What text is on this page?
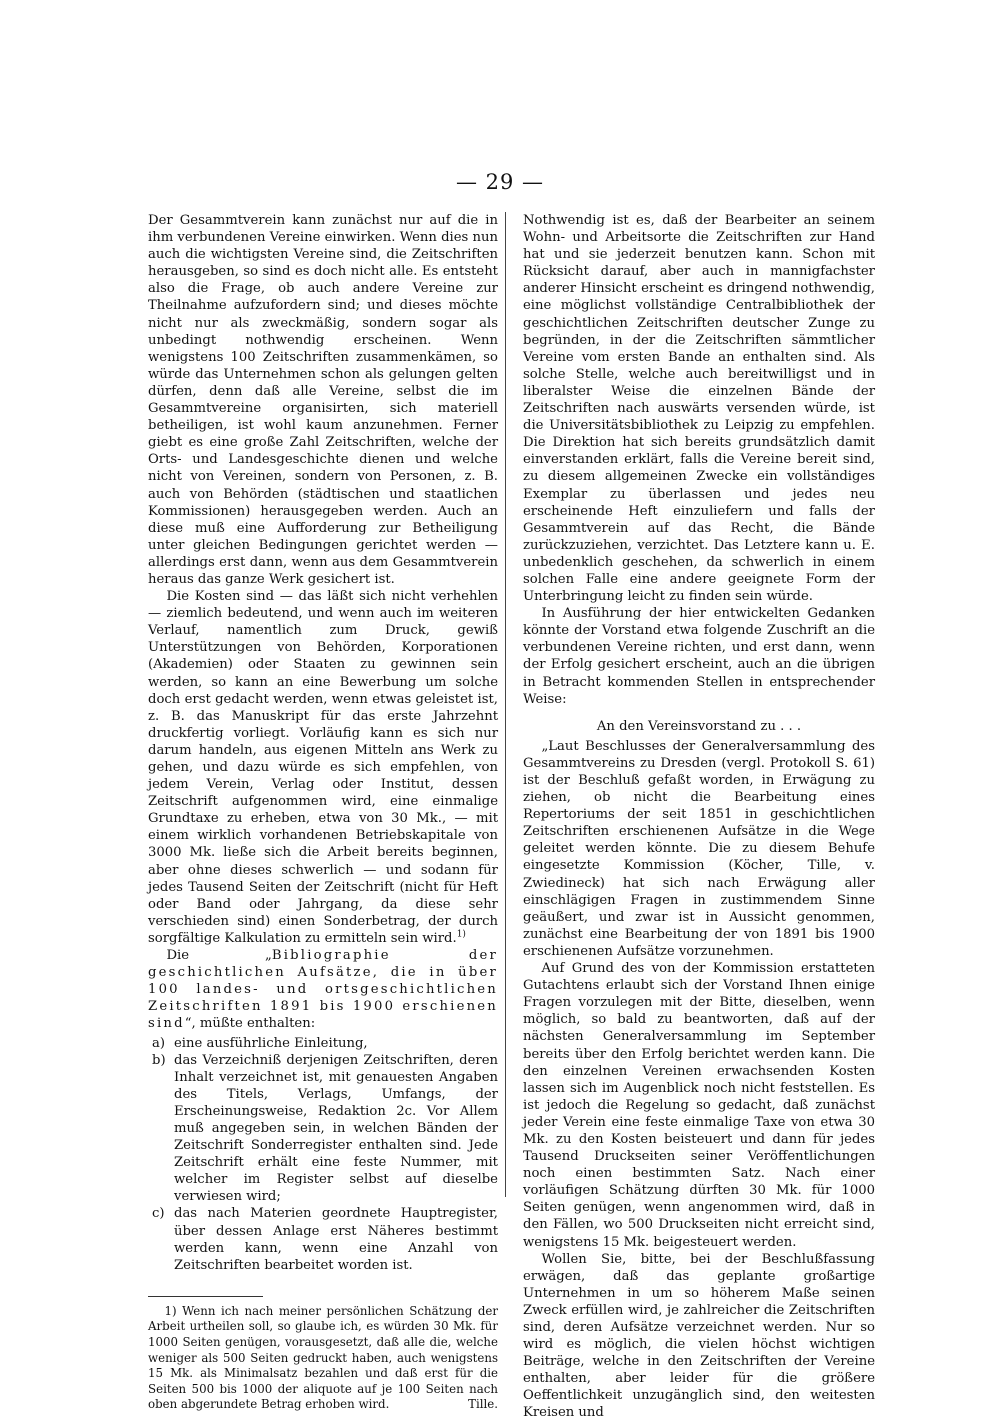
— 29 —

Der Gesammtverein kann zunächst nur auf die in ihm verbundenen Vereine einwirken. Wenn dies nun auch die wichtigsten Vereine sind, die Zeitschriften herausgeben, so sind es doch nicht alle. Es entsteht also die Frage, ob auch andere Vereine zur Theilnahme aufzufordern sind; und dieses möchte nicht nur als zweckmäßig, sondern sogar als unbedingt nothwendig erscheinen. Wenn wenigstens 100 Zeitschriften zusammenkämen, so würde das Unternehmen schon als gelungen gelten dürfen, denn daß alle Vereine, selbst die im Gesammtvereine organisirten, sich materiell betheiligen, ist wohl kaum anzunehmen. Ferner giebt es eine große Zahl Zeitschriften, welche der Orts- und Landesgeschichte dienen und welche nicht von Vereinen, sondern von Personen, z. B. auch von Behörden (städtischen und staatlichen Kommissionen) herausgegeben werden. Auch an diese muß eine Aufforderung zur Betheiligung unter gleichen Bedingungen gerichtet werden — allerdings erst dann, wenn aus dem Gesammtverein heraus das ganze Werk gesichert ist.

Die Kosten sind — das läßt sich nicht verhehlen — ziemlich bedeutend, und wenn auch im weiteren Verlauf, namentlich zum Druck, gewiß Unterstützungen von Behörden, Korporationen (Akademien) oder Staaten zu gewinnen sein werden, so kann an eine Bewerbung um solche doch erst gedacht werden, wenn etwas geleistet ist, z. B. das Manuskript für das erste Jahrzehnt druckfertig vorliegt. Vorläufig kann es sich nur darum handeln, aus eigenen Mitteln ans Werk zu gehen, und dazu würde es sich empfehlen, von jedem Verein, Verlag oder Institut, dessen Zeitschrift aufgenommen wird, eine einmalige Grundtaxe zu erheben, etwa von 30 Mk., — mit einem wirklich vorhandenen Betriebskapitale von 3000 Mk. ließe sich die Arbeit bereits beginnen, aber ohne dieses schwerlich — und sodann für jedes Tausend Seiten der Zeitschrift (nicht für Heft oder Band oder Jahrgang, da diese sehr verschieden sind) einen Sonderbetrag, der durch sorgfältige Kalkulation zu ermitteln sein wird.$^{1)}$

Die „Bibliographie der geschichtlichen Aufsätze, die in über 100 landes- und ortsgeschichtlichen Zeitschriften 1891 bis 1900 erschienen sind“, müßte enthalten:

a) eine ausführliche Einleitung,
b) das Verzeichniß derjenigen Zeitschriften, deren Inhalt verzeichnet ist, mit genauesten Angaben des Titels, Verlags, Umfangs, der Erscheinungsweise, Redaktion 2c. Vor Allem muß angegeben sein, in welchen Bänden der Zeitschrift Sonderregister enthalten sind. Jede Zeitschrift erhält eine feste Nummer, mit welcher im Register selbst auf dieselbe verwiesen wird;
c) das nach Materien geordnete Hauptregister, über dessen Anlage erst Näheres bestimmt werden kann, wenn eine Anzahl von Zeitschriften bearbeitet worden ist.

1) Wenn ich nach meiner persönlichen Schätzung der Arbeit urtheilen soll, so glaube ich, es würden 30 Mk. für 1000 Seiten genügen, vorausgesetzt, daß alle die, welche weniger als 500 Seiten gedruckt haben, auch wenigstens 15 Mk. als Minimalsatz bezahlen und daß erst für die Seiten 500 bis 1000 der aliquote auf je 100 Seiten nach oben abgerundete Betrag erhoben wird.	Tille.

Nothwendig ist es, daß der Bearbeiter an seinem Wohn- und Arbeitsorte die Zeitschriften zur Hand hat und sie jederzeit benutzen kann. Schon mit Rücksicht darauf, aber auch in mannigfachster anderer Hinsicht erscheint es dringend nothwendig, eine möglichst vollständige Centralbibliothek der geschichtlichen Zeitschriften deutscher Zunge zu begründen, in der die Zeitschriften sämmtlicher Vereine vom ersten Bande an enthalten sind. Als solche Stelle, welche auch bereitwilligst und in liberalster Weise die einzelnen Bände der Zeitschriften nach auswärts versenden würde, ist die Universitätsbibliothek zu Leipzig zu empfehlen. Die Direktion hat sich bereits grundsätzlich damit einverstanden erklärt, falls die Vereine bereit sind, zu diesem allgemeinen Zwecke ein vollständiges Exemplar zu überlassen und jedes neu erscheinende Heft einzuliefern und falls der Gesammtverein auf das Recht, die Bände zurückzuziehen, verzichtet. Das Letztere kann u. E. unbedenklich geschehen, da schwerlich in einem solchen Falle eine andere geeignete Form der Unterbringung leicht zu finden sein würde.

In Ausführung der hier entwickelten Gedanken könnte der Vorstand etwa folgende Zuschrift an die verbundenen Vereine richten, und erst dann, wenn der Erfolg gesichert erscheint, auch an die übrigen in Betracht kommenden Stellen in entsprechender Weise:

An den Vereinsvorstand zu . . .

„Laut Beschlusses der Generalversammlung des Gesammtvereins zu Dresden (vergl. Protokoll S. 61) ist der Beschluß gefaßt worden, in Erwägung zu ziehen, ob nicht die Bearbeitung eines Repertoriums der seit 1851 in geschichtlichen Zeitschriften erschienenen Aufsätze in die Wege geleitet werden könnte. Die zu diesem Behufe eingesetzte Kommission (Köcher, Tille, v. Zwiedineck) hat sich nach Erwägung aller einschlägigen Fragen in zustimmendem Sinne geäußert, und zwar ist in Aussicht genommen, zunächst eine Bearbeitung der von 1891 bis 1900 erschienenen Aufsätze vorzunehmen.

Auf Grund des von der Kommission erstatteten Gutachtens erlaubt sich der Vorstand Ihnen einige Fragen vorzulegen mit der Bitte, dieselben, wenn möglich, so bald zu beantworten, daß auf der nächsten Generalversammlung im September bereits über den Erfolg berichtet werden kann. Die den einzelnen Vereinen erwachsenden Kosten lassen sich im Augenblick noch nicht feststellen. Es ist jedoch die Regelung so gedacht, daß zunächst jeder Verein eine feste einmalige Taxe von etwa 30 Mk. zu den Kosten beisteuert und dann für jedes Tausend Druckseiten seiner Veröffentlichungen noch einen bestimmten Satz. Nach einer vorläufigen Schätzung dürften 30 Mk. für 1000 Seiten genügen, wenn angenommen wird, daß in den Fällen, wo 500 Druckseiten nicht erreicht sind, wenigstens 15 Mk. beigesteuert werden.

Wollen Sie, bitte, bei der Beschlußfassung erwägen, daß das geplante großartige Unternehmen in um so höherem Maße seinen Zweck erfüllen wird, je zahlreicher die Zeitschriften sind, deren Aufsätze verzeichnet werden. Nur so wird es möglich, die vielen höchst wichtigen Beiträge, welche in den Zeitschriften der Vereine enthalten, aber leider für die größere Oeffentlichkeit unzugänglich sind, den weitesten Kreisen und
